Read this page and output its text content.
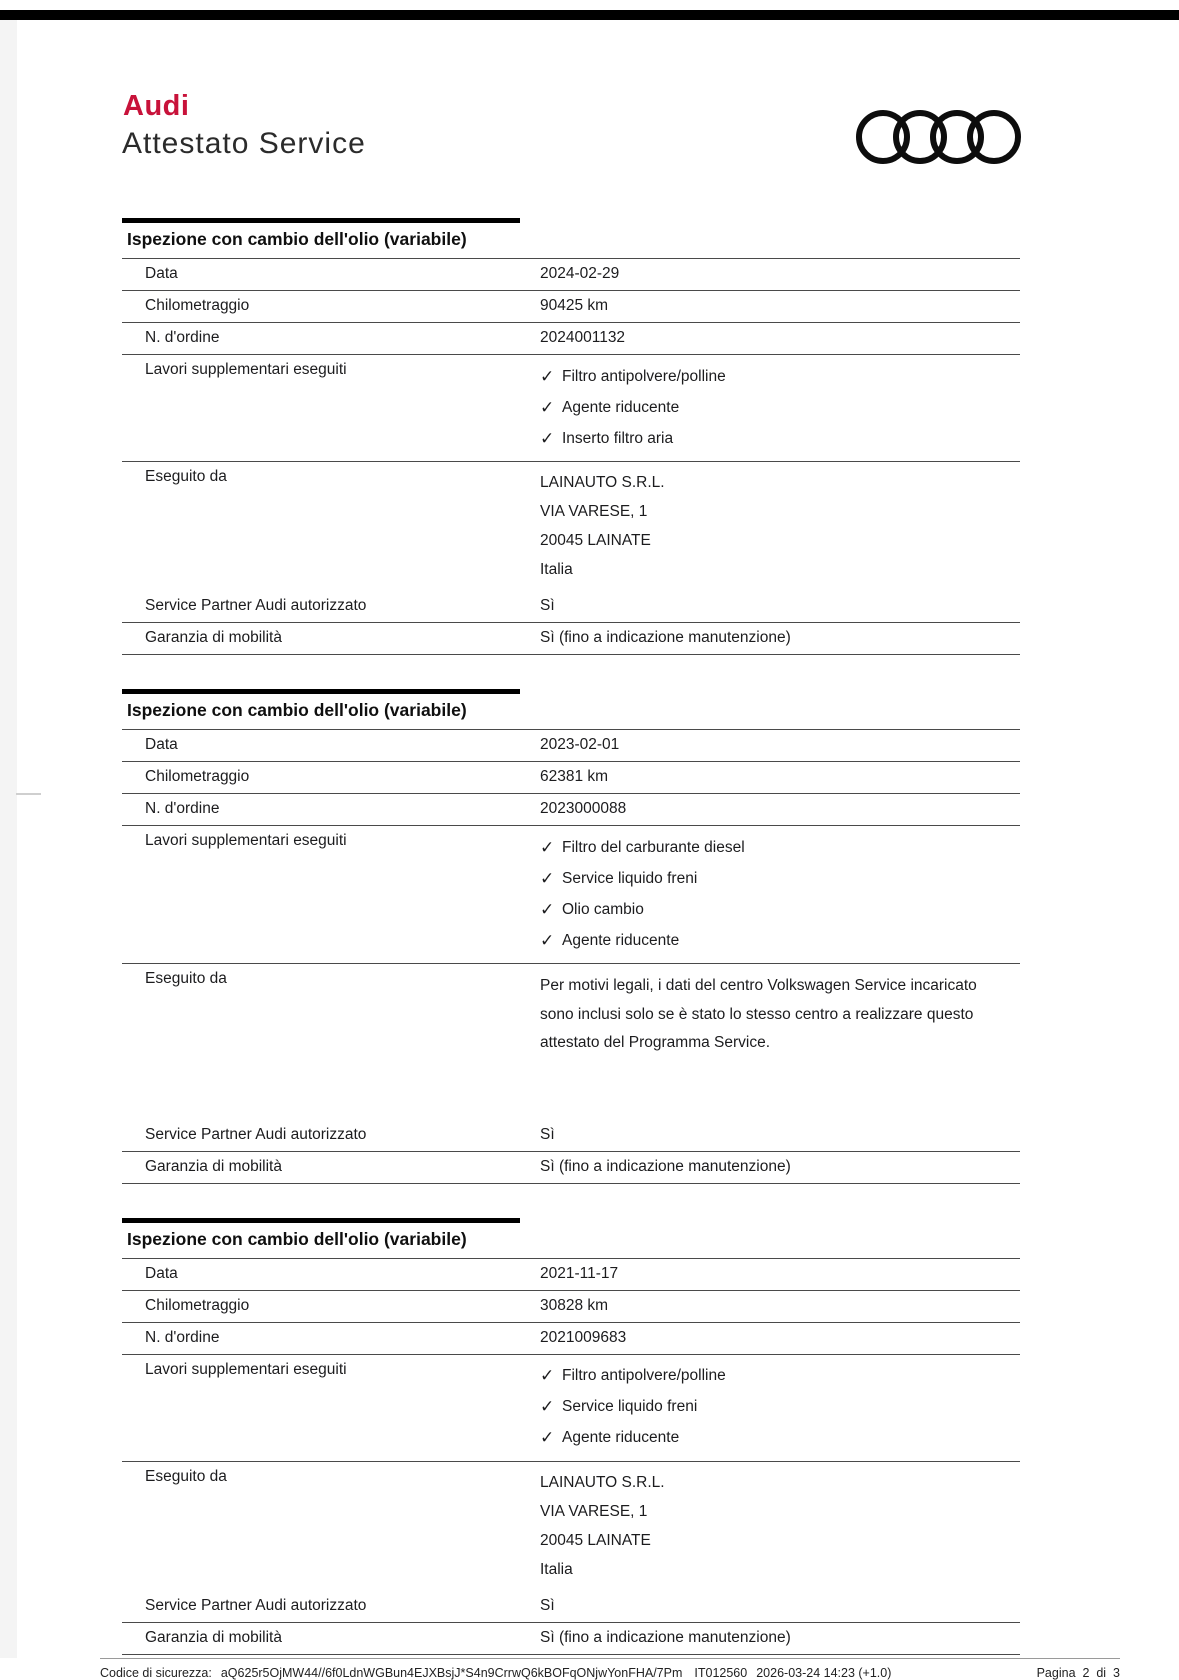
Audi
Attestato Service
Ispezione con cambio dell'olio (variabile)
Data	2024-02-29
Chilometraggio	90425 km
N. d'ordine	2024001132
Lavori supplementari eseguiti	✓ Filtro antipolvere/polline
✓ Agente riducente
✓ Inserto filtro aria
Eseguito da	LAINAUTO S.R.L.
VIA VARESE, 1
20045 LAINATE
Italia
Service Partner Audi autorizzato	Sì
Garanzia di mobilità	Sì (fino a indicazione manutenzione)
Ispezione con cambio dell'olio (variabile)
Data	2023-02-01
Chilometraggio	62381 km
N. d'ordine	2023000088
Lavori supplementari eseguiti	✓ Filtro del carburante diesel
✓ Service liquido freni
✓ Olio cambio
✓ Agente riducente
Eseguito da	Per motivi legali, i dati del centro Volkswagen Service incaricato sono inclusi solo se è stato lo stesso centro a realizzare questo attestato del Programma Service.

Service Partner Audi autorizzato	Sì
Garanzia di mobilità	Sì (fino a indicazione manutenzione)
Ispezione con cambio dell'olio (variabile)
Data	2021-11-17
Chilometraggio	30828 km
N. d'ordine	2021009683
Lavori supplementari eseguiti	✓ Filtro antipolvere/polline
✓ Service liquido freni
✓ Agente riducente
Eseguito da	LAINAUTO S.R.L.
VIA VARESE, 1
20045 LAINATE
Italia
Service Partner Audi autorizzato	Sì
Garanzia di mobilità	Sì (fino a indicazione manutenzione)
Codice di sicurezza: aQ625r5OjMW44//6f0LdnWGBun4EJXBsjJ*S4n9CrrwQ6kBOFqONjwYonFHA/7Pm IT012560 2026-03-24 14:23 (+1.0)	Pagina  2  di  3
